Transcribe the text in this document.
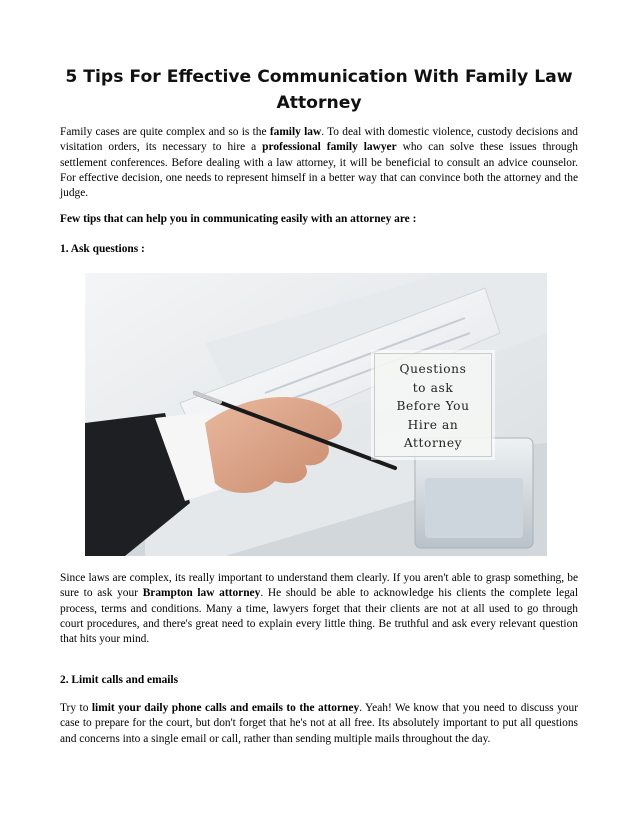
5 Tips For Effective Communication With Family Law Attorney

Family cases are quite complex and so is the family law. To deal with domestic violence, custody decisions and visitation orders, its necessary to hire a professional family lawyer who can solve these issues through settlement conferences. Before dealing with a law attorney, it will be beneficial to consult an advice counselor. For effective decision, one needs to represent himself in a better way that can convince both the attorney and the judge.

Few tips that can help you in communicating easily with an attorney are :

1. Ask questions :

Questions
to ask
Before You
Hire an
Attorney

Since laws are complex, its really important to understand them clearly. If you aren't able to grasp something, be sure to ask your Brampton law attorney. He should be able to acknowledge his clients the complete legal process, terms and conditions. Many a time, lawyers forget that their clients are not at all used to go through court procedures, and there's great need to explain every little thing. Be truthful and ask every relevant question that hits your mind.

2. Limit calls and emails

Try to limit your daily phone calls and emails to the attorney. Yeah! We know that you need to discuss your case to prepare for the court, but don't forget that he's not at all free. Its absolutely important to put all questions and concerns into a single email or call, rather than sending multiple mails throughout the day.
